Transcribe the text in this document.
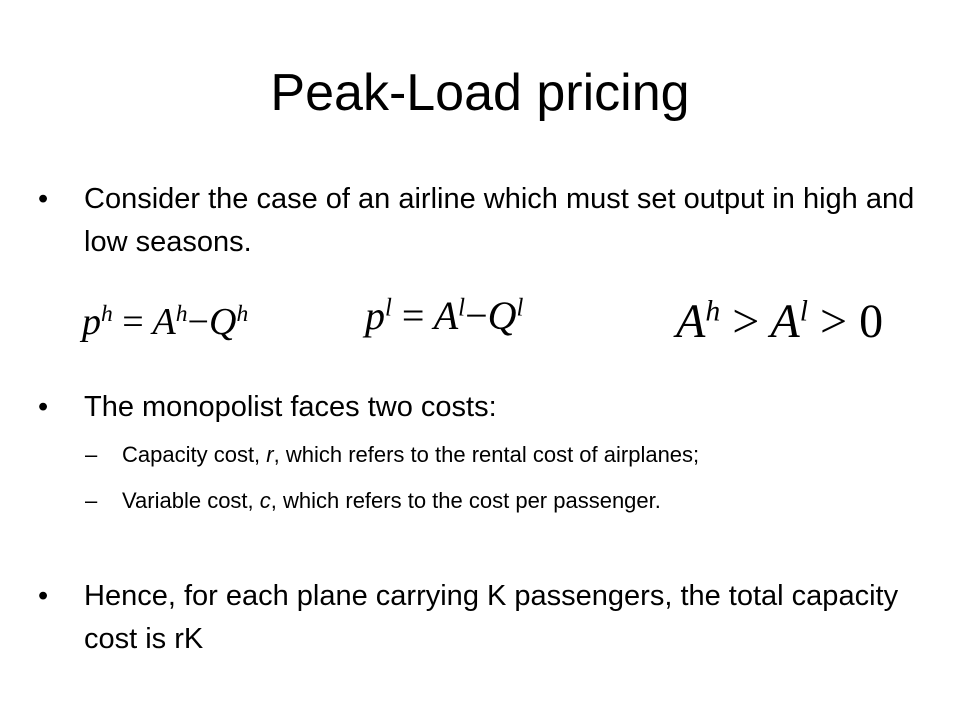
Peak-Load pricing
•	Consider the case of an airline which must set output in high and low seasons.
$p^h = A^h-Q^h$	$p^l = A^l-Q^l$	$A^h > A^l > 0$
•	The monopolist faces two costs:
– Capacity cost, r, which refers to the rental cost of airplanes;
– Variable cost, c, which refers to the cost per passenger.
•	Hence, for each plane carrying K passengers, the total capacity cost is rK
